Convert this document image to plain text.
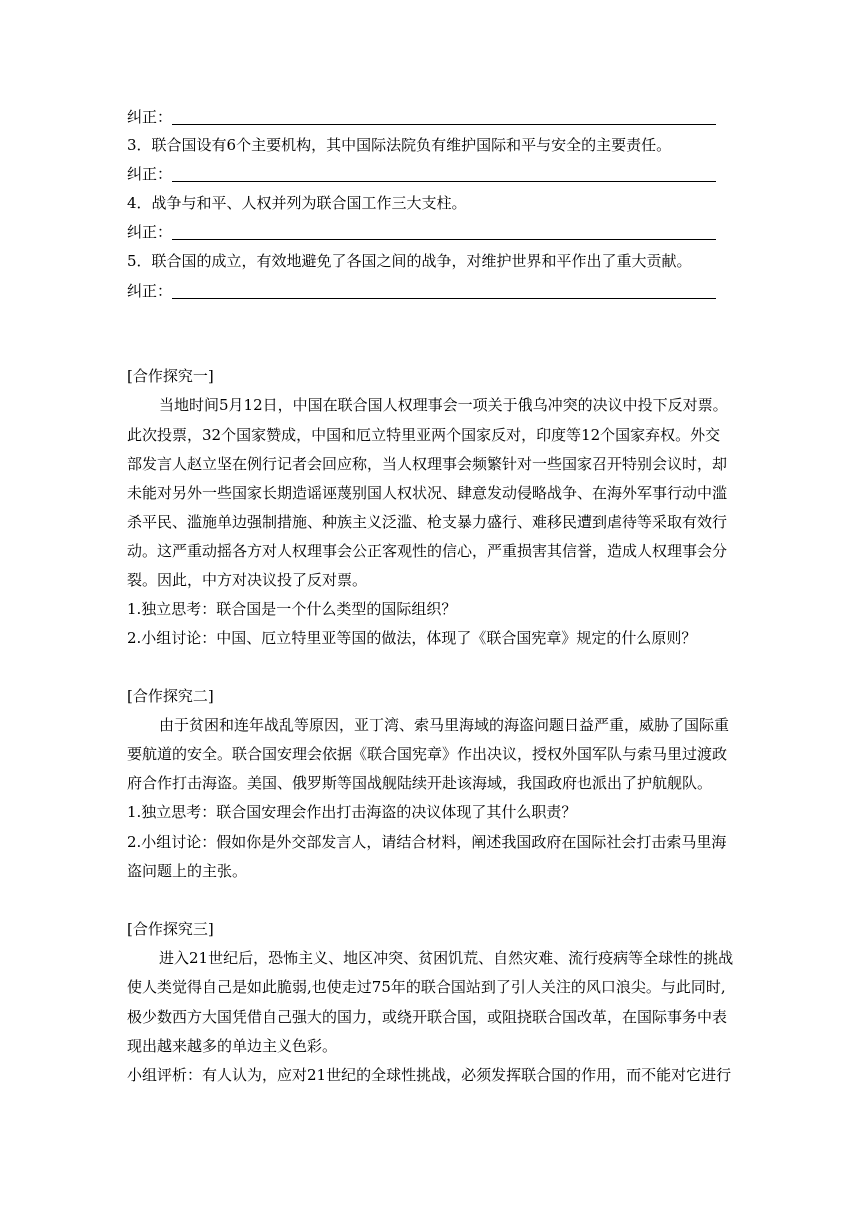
纠正：
3．联合国设有6个主要机构，其中国际法院负有维护国际和平与安全的主要责任。
纠正：
4．战争与和平、人权并列为联合国工作三大支柱。
纠正：
5．联合国的成立，有效地避免了各国之间的战争，对维护世界和平作出了重大贡献。
纠正：
[合作探究一]
当地时间5月12日，中国在联合国人权理事会一项关于俄乌冲突的决议中投下反对票。
此次投票，32个国家赞成，中国和厄立特里亚两个国家反对，印度等12个国家弃权。外交
部发言人赵立坚在例行记者会回应称，当人权理事会频繁针对一些国家召开特别会议时，却
未能对另外一些国家长期造谣诬蔑别国人权状况、肆意发动侵略战争、在海外军事行动中滥
杀平民、滥施单边强制措施、种族主义泛滥、枪支暴力盛行、难移民遭到虐待等采取有效行
动。这严重动摇各方对人权理事会公正客观性的信心，严重损害其信誉，造成人权理事会分
裂。因此，中方对决议投了反对票。
1.独立思考：联合国是一个什么类型的国际组织？
2.小组讨论：中国、厄立特里亚等国的做法，体现了《联合国宪章》规定的什么原则？
[合作探究二]
由于贫困和连年战乱等原因，亚丁湾、索马里海域的海盗问题日益严重，威胁了国际重
要航道的安全。联合国安理会依据《联合国宪章》作出决议，授权外国军队与索马里过渡政
府合作打击海盗。美国、俄罗斯等国战舰陆续开赴该海域，我国政府也派出了护航舰队。
1.独立思考：联合国安理会作出打击海盗的决议体现了其什么职责？
2.小组讨论：假如你是外交部发言人，请结合材料，阐述我国政府在国际社会打击索马里海
盗问题上的主张。
[合作探究三]
进入21世纪后，恐怖主义、地区冲突、贫困饥荒、自然灾难、流行疫病等全球性的挑战
使人类觉得自己是如此脆弱,也使走过75年的联合国站到了引人关注的风口浪尖。与此同时,
极少数西方大国凭借自己强大的国力，或绕开联合国，或阻挠联合国改革，在国际事务中表
现出越来越多的单边主义色彩。
小组评析：有人认为，应对21世纪的全球性挑战，必须发挥联合国的作用，而不能对它进行
